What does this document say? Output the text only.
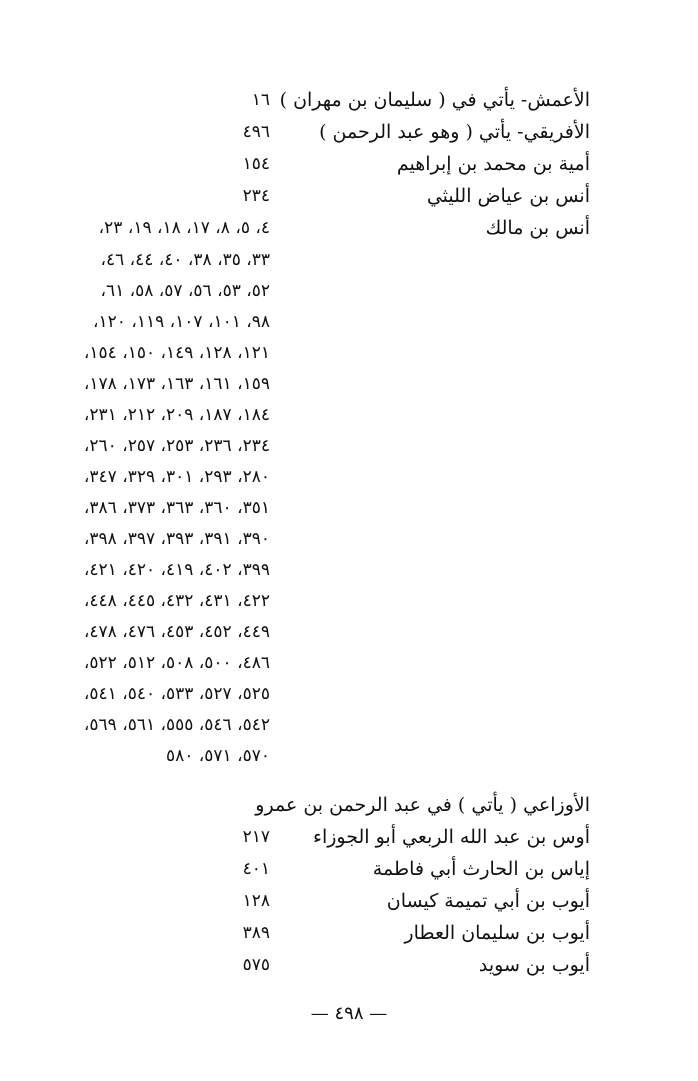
الأعمش- يأتي في ( سليمان بن مهران )
١٦
الأفريقي- يأتي ( وهو عبد الرحمن )
٤٩٦
أمية بن محمد بن إبراهيم
١٥٤
أنس بن عياض الليثي
٢٣٤
أنس بن مالك
٤، ٥، ٨، ١٧، ١٨، ١٩، ٢٣،
٣٣، ٣٥، ٣٨، ٤٠، ٤٤، ٤٦،
٥٢، ٥٣، ٥٦، ٥٧، ٥٨، ٦١،
٩٨، ١٠١، ١٠٧، ١١٩، ١٢٠،
١٢١، ١٢٨، ١٤٩، ١٥٠، ١٥٤،
١٥٩، ١٦١، ١٦٣، ١٧٣، ١٧٨،
١٨٤، ١٨٧، ٢٠٩، ٢١٢، ٢٣١،
٢٣٤، ٢٣٦، ٢٥٣، ٢٥٧، ٢٦٠،
٢٨٠، ٢٩٣، ٣٠١، ٣٢٩، ٣٤٧،
٣٥١، ٣٦٠، ٣٦٣، ٣٧٣، ٣٨٦،
٣٩٠، ٣٩١، ٣٩٣، ٣٩٧، ٣٩٨،
٣٩٩، ٤٠٢، ٤١٩، ٤٢٠، ٤٢١،
٤٢٢، ٤٣١، ٤٣٢، ٤٤٥، ٤٤٨،
٤٤٩، ٤٥٢، ٤٥٣، ٤٧٦، ٤٧٨،
٤٨٦، ٥٠٠، ٥٠٨، ٥١٢، ٥٢٢،
٥٢٥، ٥٢٧، ٥٣٣، ٥٤٠، ٥٤١،
٥٤٢، ٥٤٦، ٥٥٥، ٥٦١، ٥٦٩،
٥٧٠، ٥٧١، ٥٨٠
الأوزاعي ( يأتي ) في عبد الرحمن بن عمرو
أوس بن عبد الله الربعي أبو الجوزاء
٢١٧
إياس بن الحارث أبي فاطمة
٤٠١
أيوب بن أبي تميمة كيسان
١٢٨
أيوب بن سليمان العطار
٣٨٩
أيوب بن سويد
٥٧٥
— ٤٩٨ —
